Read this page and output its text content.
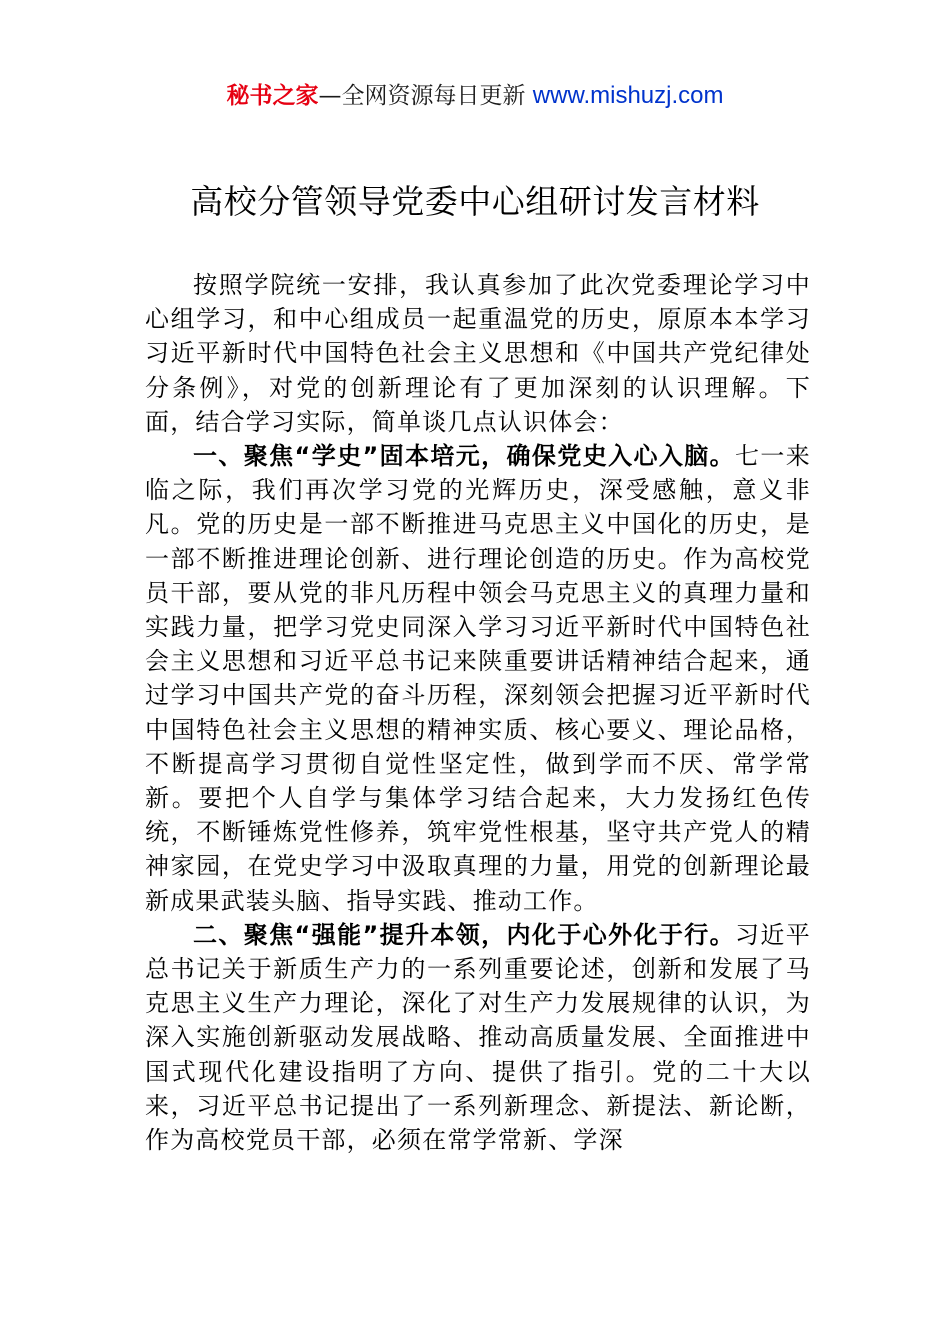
秘书之家—全网资源每日更新 www.mishuzj.com
高校分管领导党委中心组研讨发言材料

按照学院统一安排，我认真参加了此次党委理论学习中心组学习，和中心组成员一起重温党的历史，原原本本学习习近平新时代中国特色社会主义思想和《中国共产党纪律处分条例》，对党的创新理论有了更加深刻的认识理解。下面，结合学习实际，简单谈几点认识体会：

一、聚焦“学史”固本培元，确保党史入心入脑。七一来临之际，我们再次学习党的光辉历史，深受感触，意义非凡。党的历史是一部不断推进马克思主义中国化的历史，是一部不断推进理论创新、进行理论创造的历史。作为高校党员干部，要从党的非凡历程中领会马克思主义的真理力量和实践力量，把学习党史同深入学习习近平新时代中国特色社会主义思想和习近平总书记来陕重要讲话精神结合起来，通过学习中国共产党的奋斗历程，深刻领会把握习近平新时代中国特色社会主义思想的精神实质、核心要义、理论品格，不断提高学习贯彻自觉性坚定性，做到学而不厌、常学常新。要把个人自学与集体学习结合起来，大力发扬红色传统，不断锤炼党性修养，筑牢党性根基，坚守共产党人的精神家园，在党史学习中汲取真理的力量，用党的创新理论最新成果武装头脑、指导实践、推动工作。

二、聚焦“强能”提升本领，内化于心外化于行。习近平总书记关于新质生产力的一系列重要论述，创新和发展了马克思主义生产力理论，深化了对生产力发展规律的认识，为深入实施创新驱动发展战略、推动高质量发展、全面推进中国式现代化建设指明了方向、提供了指引。党的二十大以来，习近平总书记提出了一系列新理念、新提法、新论断，作为高校党员干部，必须在常学常新、学深
